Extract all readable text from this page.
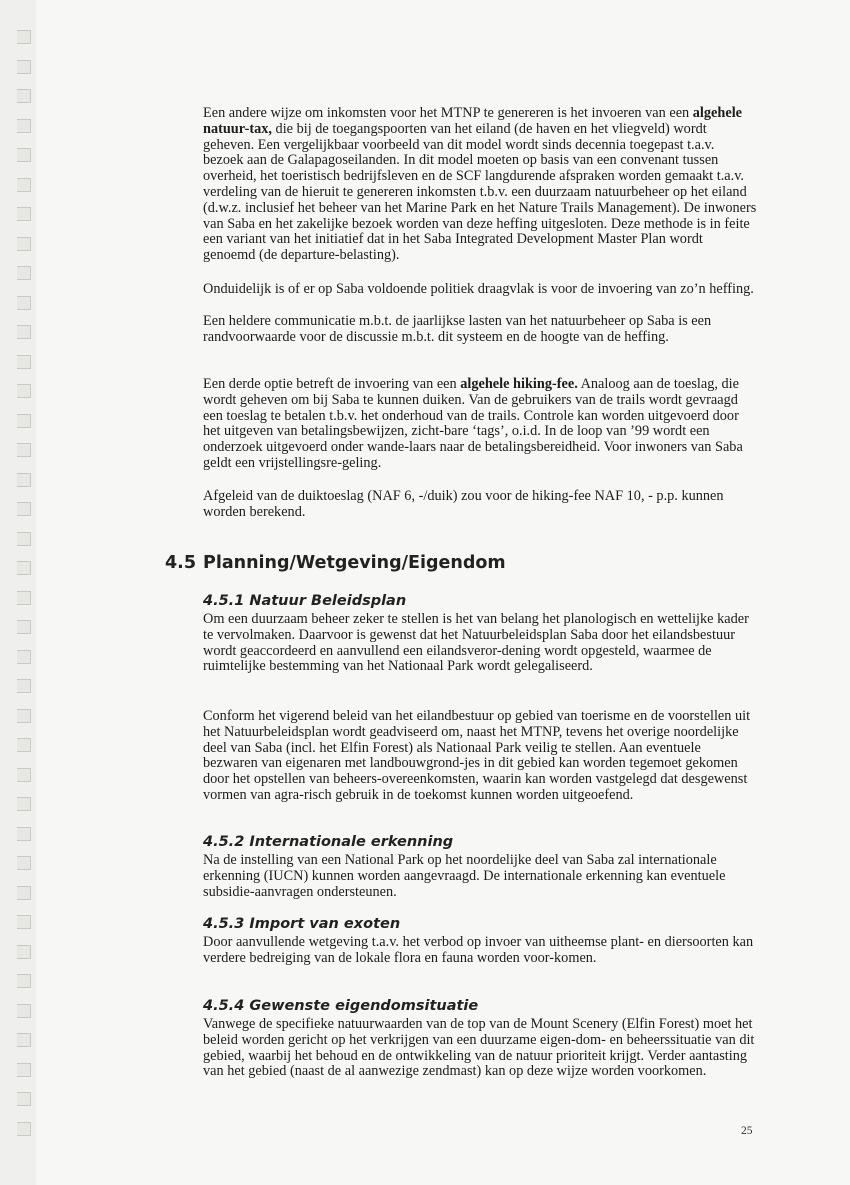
Een andere wijze om inkomsten voor het MTNP te genereren is het invoeren van een algehele natuur-tax, die bij de toegangspoorten van het eiland (de haven en het vliegveld) wordt geheven. Een vergelijkbaar voorbeeld van dit model wordt sinds decennia toegepast t.a.v. bezoek aan de Galapagoseilanden. In dit model moeten op basis van een convenant tussen overheid, het toeristisch bedrijfsleven en de SCF langdurende afspraken worden gemaakt t.a.v. verdeling van de hieruit te genereren inkomsten t.b.v. een duurzaam natuurbeheer op het eiland (d.w.z. inclusief het beheer van het Marine Park en het Nature Trails Management). De inwoners van Saba en het zakelijke bezoek worden van deze heffing uitgesloten. Deze methode is in feite een variant van het initiatief dat in het Saba Integrated Development Master Plan wordt genoemd (de departure-belasting).

Onduidelijk is of er op Saba voldoende politiek draagvlak is voor de invoering van zo’n heffing.

Een heldere communicatie m.b.t. de jaarlijkse lasten van het natuurbeheer op Saba is een randvoorwaarde voor de discussie m.b.t. dit systeem en de hoogte van de heffing.

Een derde optie betreft de invoering van een algehele hiking-fee. Analoog aan de toeslag, die wordt geheven om bij Saba te kunnen duiken. Van de gebruikers van de trails wordt gevraagd een toeslag te betalen t.b.v. het onderhoud van de trails. Controle kan worden uitgevoerd door het uitgeven van betalingsbewijzen, zicht-bare ‘tags’, o.i.d. In de loop van ’99 wordt een onderzoek uitgevoerd onder wande-laars naar de betalingsbereidheid. Voor inwoners van Saba geldt een vrijstellingsre-geling.

Afgeleid van de duiktoeslag (NAF 6, -/duik) zou voor de hiking-fee NAF 10, - p.p. kunnen worden berekend.

4.5 Planning/Wetgeving/Eigendom
4.5.1 Natuur Beleidsplan

Om een duurzaam beheer zeker te stellen is het van belang het planologisch en wettelijke kader te vervolmaken. Daarvoor is gewenst dat het Natuurbeleidsplan Saba door het eilandsbestuur wordt geaccordeerd en aanvullend een eilandsveror-dening wordt opgesteld, waarmee de ruimtelijke bestemming van het Nationaal Park wordt gelegaliseerd.

Conform het vigerend beleid van het eilandbestuur op gebied van toerisme en de voorstellen uit het Natuurbeleidsplan wordt geadviseerd om, naast het MTNP, tevens het overige noordelijke deel van Saba (incl. het Elfin Forest) als Nationaal Park veilig te stellen. Aan eventuele bezwaren van eigenaren met landbouwgrond-jes in dit gebied kan worden tegemoet gekomen door het opstellen van beheers-overeenkomsten, waarin kan worden vastgelegd dat desgewenst vormen van agra-risch gebruik in de toekomst kunnen worden uitgeoefend.

4.5.2 Internationale erkenning

Na de instelling van een National Park op het noordelijke deel van Saba zal internationale erkenning (IUCN) kunnen worden aangevraagd. De internationale erkenning kan eventuele subsidie-aanvragen ondersteunen.

4.5.3 Import van exoten

Door aanvullende wetgeving t.a.v. het verbod op invoer van uitheemse plant- en diersoorten kan verdere bedreiging van de lokale flora en fauna worden voor-komen.

4.5.4 Gewenste eigendomsituatie

Vanwege de specifieke natuurwaarden van de top van de Mount Scenery (Elfin Forest) moet het beleid worden gericht op het verkrijgen van een duurzame eigen-dom- en beheerssituatie van dit gebied, waarbij het behoud en de ontwikkeling van de natuur prioriteit krijgt. Verder aantasting van het gebied (naast de al aanwezige zendmast) kan op deze wijze worden voorkomen.

25
